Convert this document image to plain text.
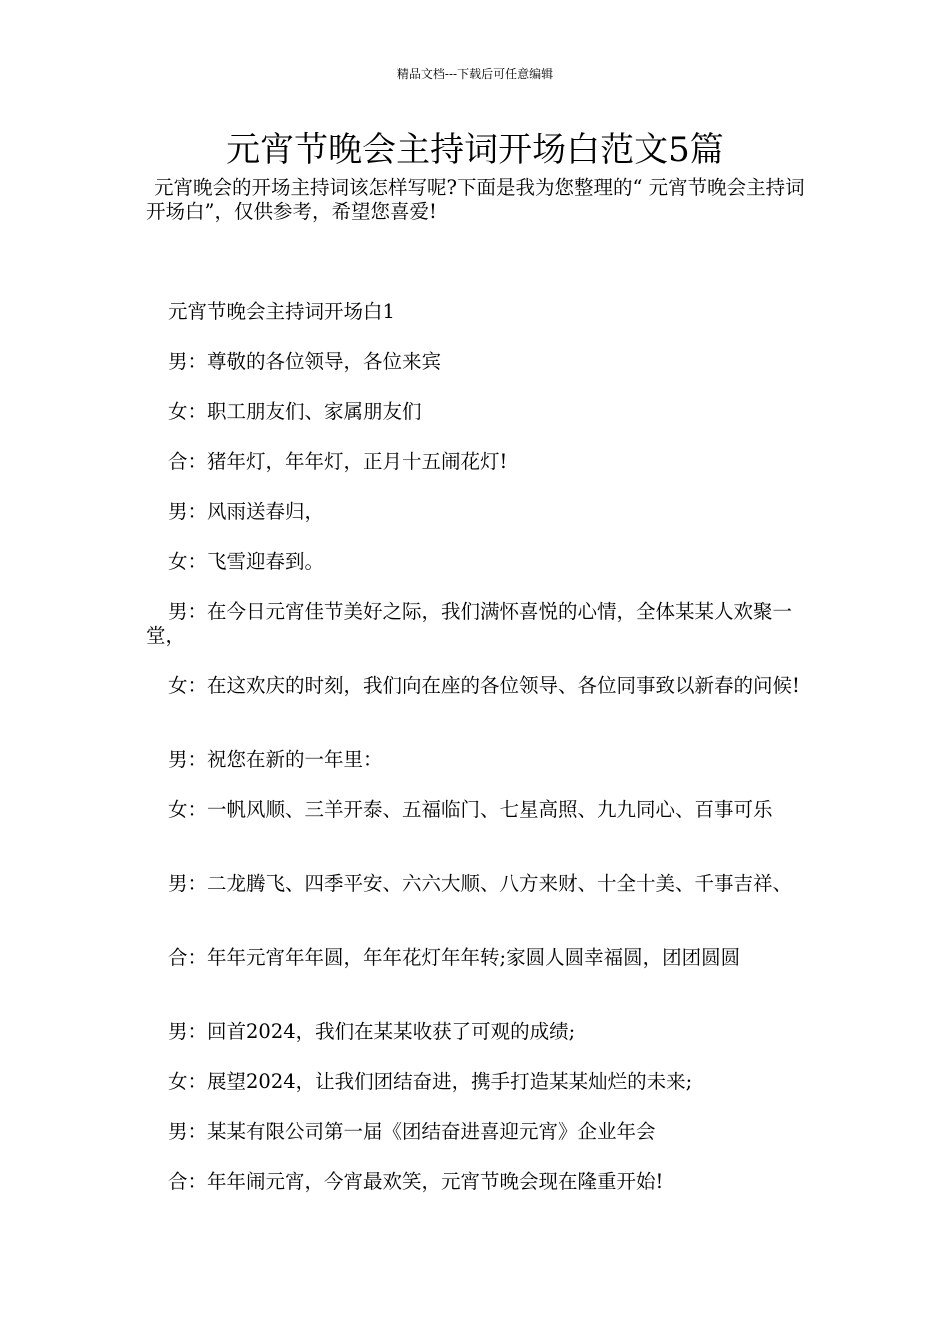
精品文档---下载后可任意编辑
元宵节晚会主持词开场白范文5篇

元宵晚会的开场主持词该怎样写呢?下面是我为您整理的“ 元宵节晚会主持词开场白”，仅供参考，希望您喜爱!

元宵节晚会主持词开场白1

男：尊敬的各位领导，各位来宾

女：职工朋友们、家属朋友们

合：猪年灯，年年灯，正月十五闹花灯!

男：风雨送春归，

女：飞雪迎春到。

男：在今日元宵佳节美好之际，我们满怀喜悦的心情，全体某某人欢聚一堂，

女：在这欢庆的时刻，我们向在座的各位领导、各位同事致以新春的问候!

男：祝您在新的一年里：

女：一帆风顺、三羊开泰、五福临门、七星高照、九九同心、百事可乐

男：二龙腾飞、四季平安、六六大顺、八方来财、十全十美、千事吉祥、

合：年年元宵年年圆，年年花灯年年转;家圆人圆幸福圆，团团圆圆

男：回首2024，我们在某某收获了可观的成绩;

女：展望2024，让我们团结奋进，携手打造某某灿烂的未来;

男：某某有限公司第一届《团结奋进喜迎元宵》企业年会

合：年年闹元宵，今宵最欢笑，元宵节晚会现在隆重开始!
